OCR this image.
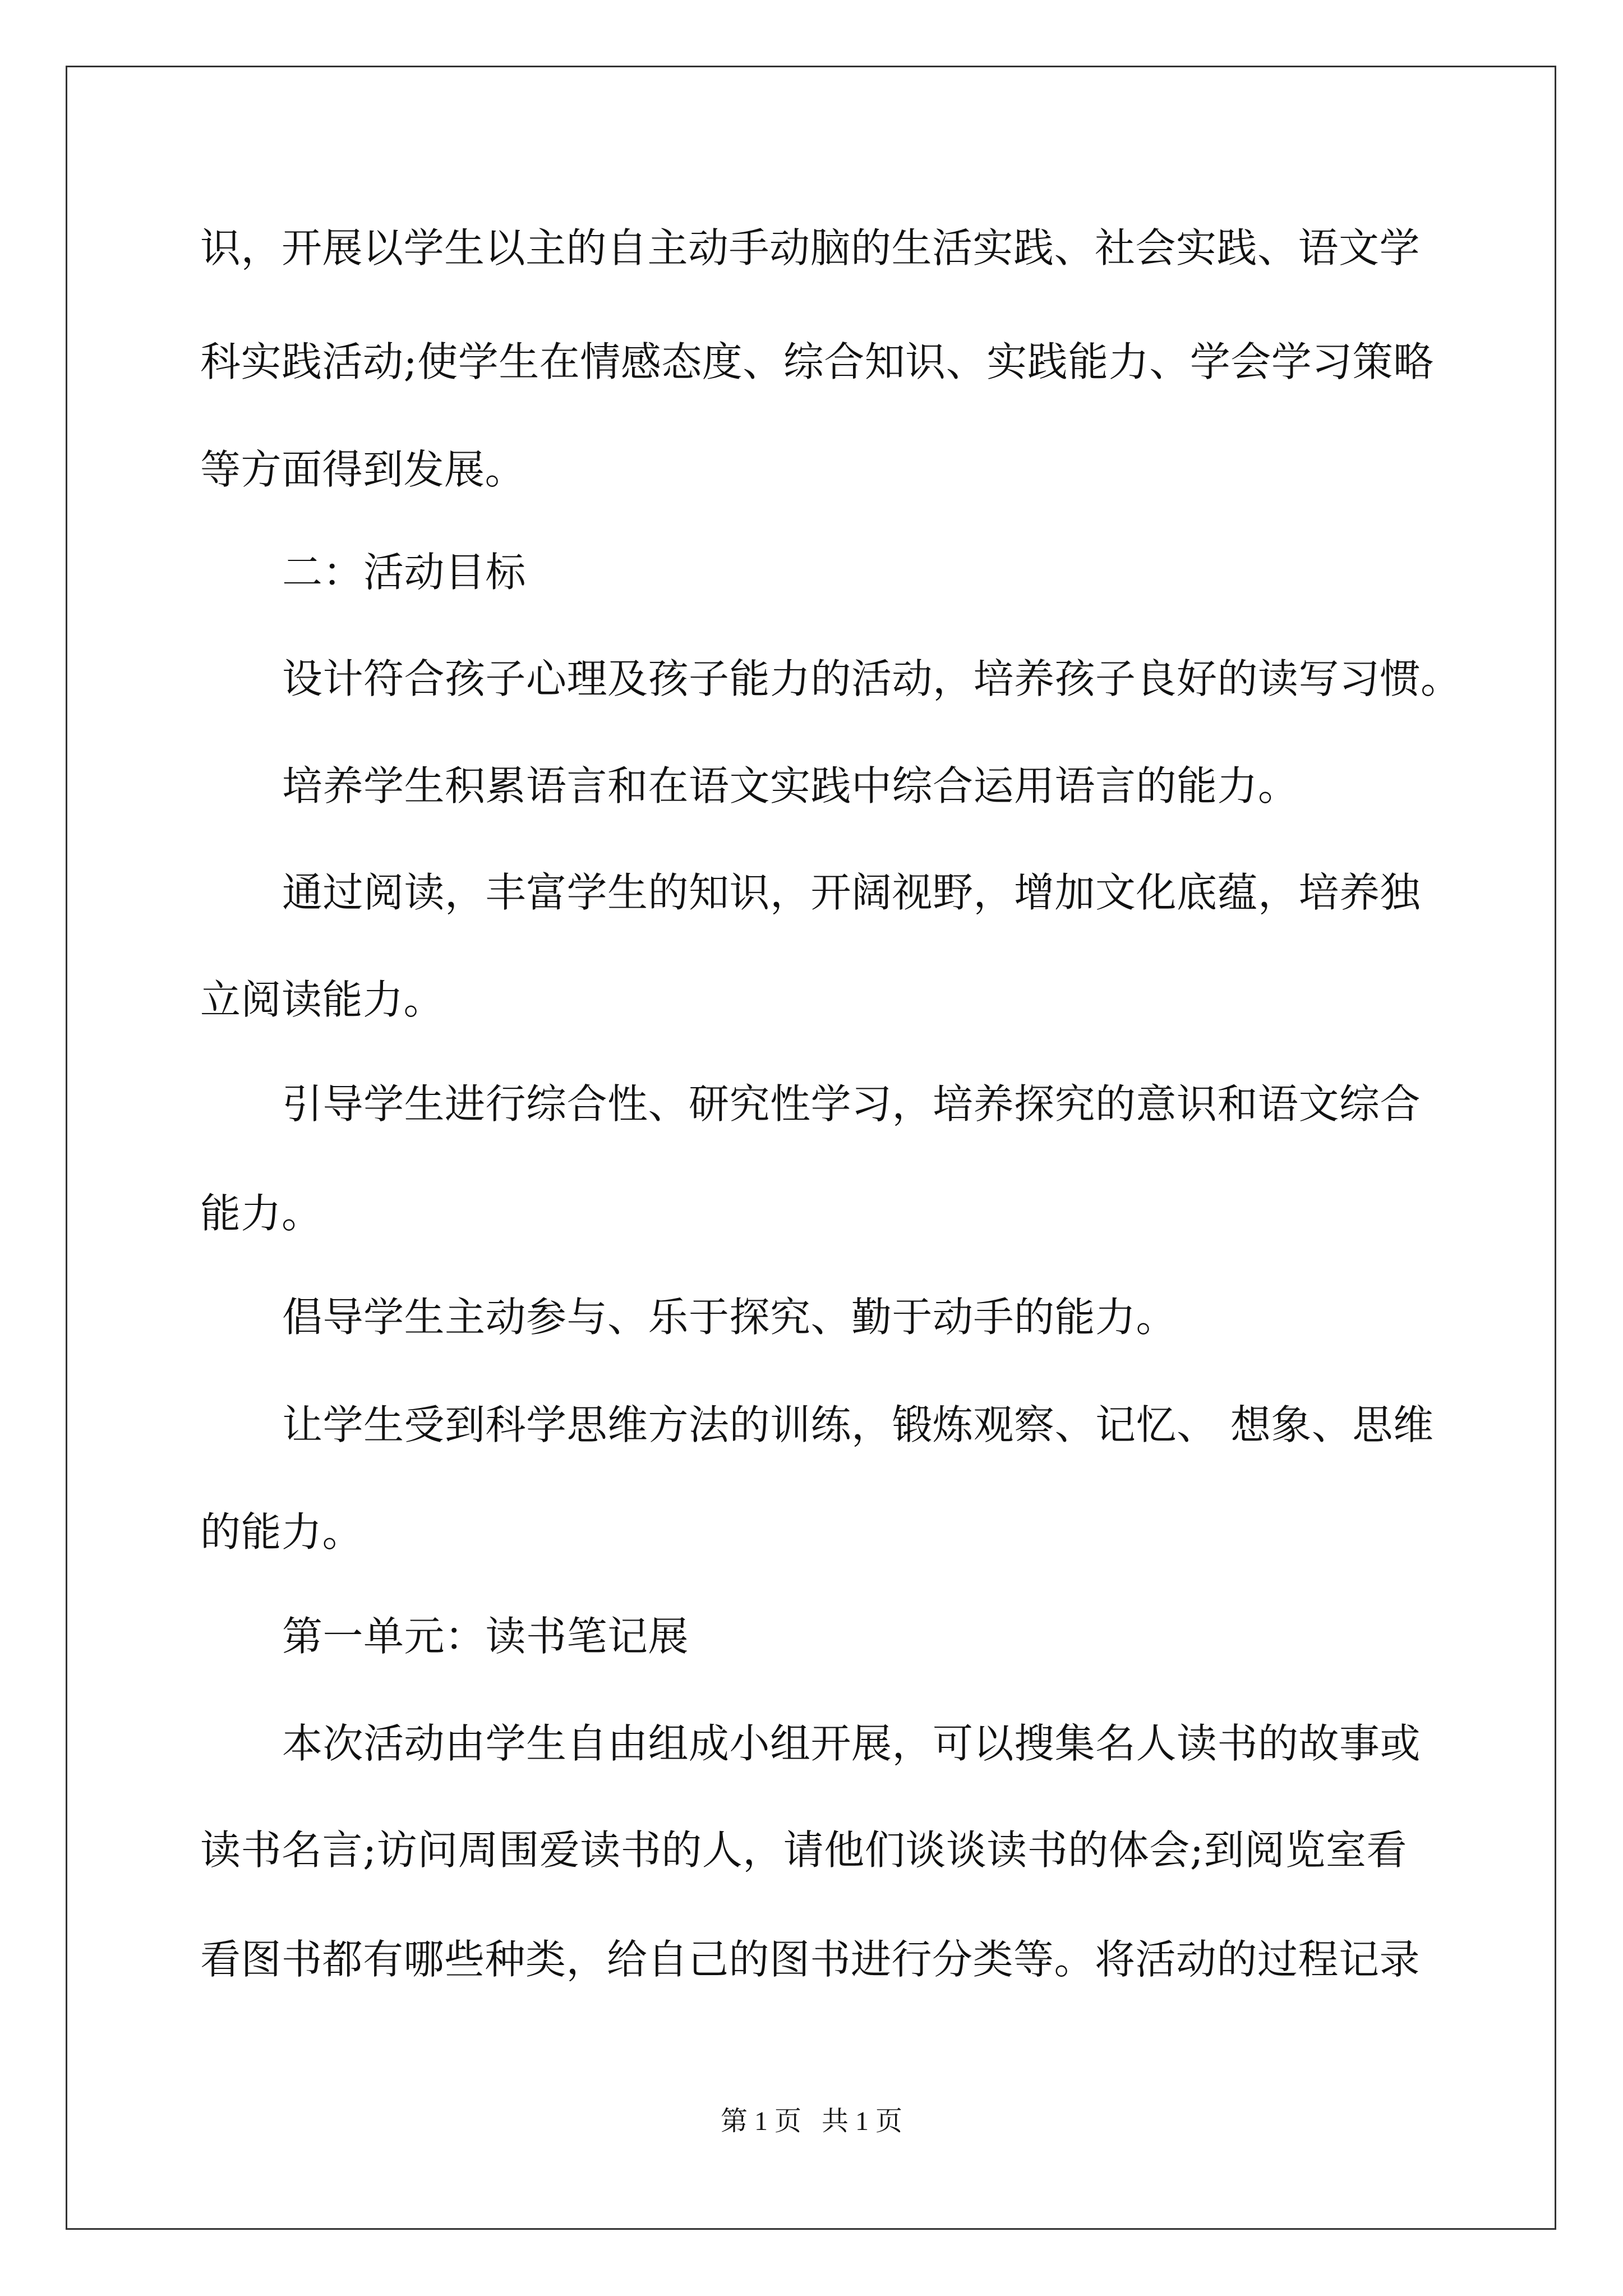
识，开展以学生以主的自主动手动脑的生活实践、社会实践、语文学

科实践活动;使学生在情感态度、综合知识、实践能力、学会学习策略

等方面得到发展。

二：活动目标

设计符合孩子心理及孩子能力的活动，培养孩子良好的读写习惯。

培养学生积累语言和在语文实践中综合运用语言的能力。

通过阅读，丰富学生的知识，开阔视野，增加文化底蕴，培养独

立阅读能力。

引导学生进行综合性、研究性学习，培养探究的意识和语文综合

能力。

倡导学生主动参与、乐于探究、勤于动手的能力。

让学生受到科学思维方法的训练，锻炼观察、记忆、 想象、思维

的能力。

第一单元：读书笔记展

本次活动由学生自由组成小组开展，可以搜集名人读书的故事或

读书名言;访问周围爱读书的人，请他们谈谈读书的体会;到阅览室看

看图书都有哪些种类，给自己的图书进行分类等。将活动的过程记录

第 1 页   共 1 页
